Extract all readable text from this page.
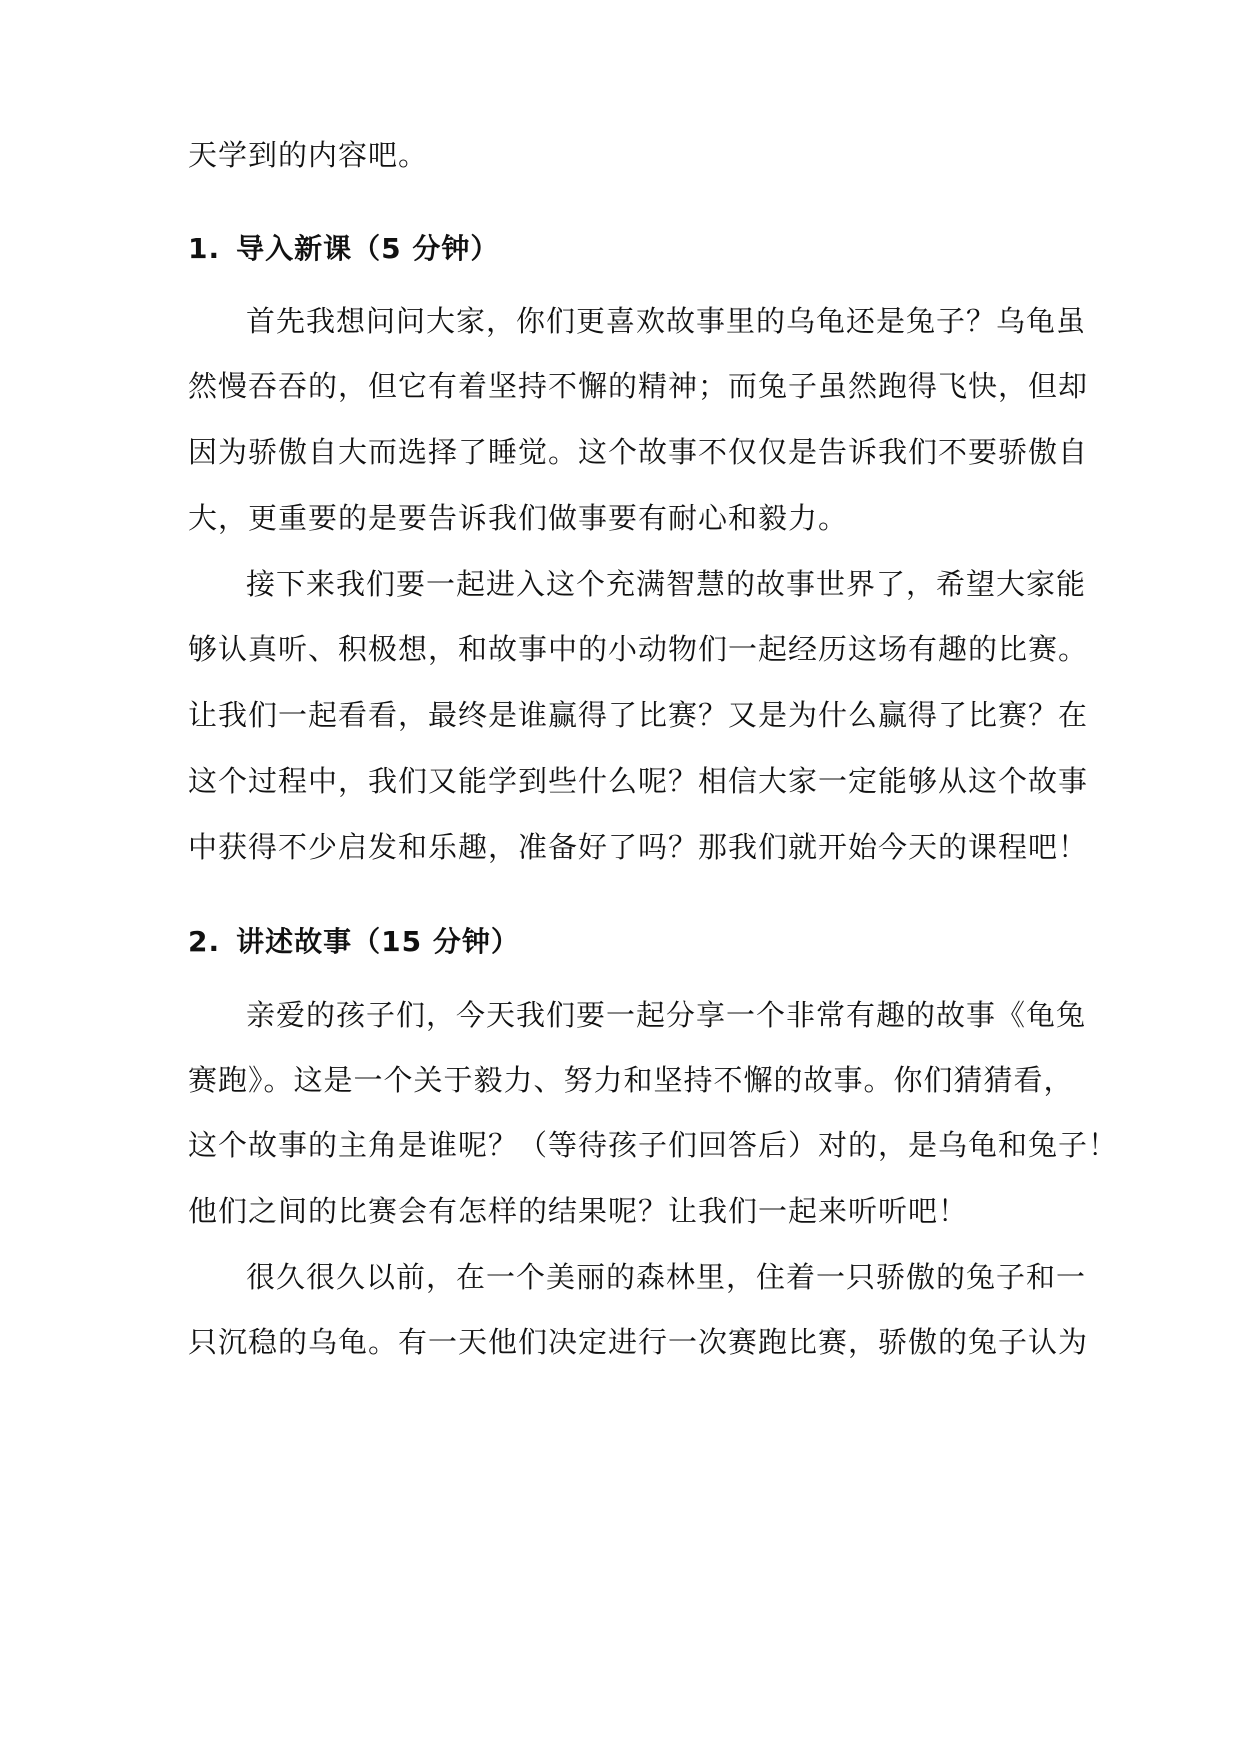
天学到的内容吧。
1. 导入新课（5 分钟）
首先我想问问大家，你们更喜欢故事里的乌龟还是兔子？乌龟虽
然慢吞吞的，但它有着坚持不懈的精神；而兔子虽然跑得飞快，但却
因为骄傲自大而选择了睡觉。这个故事不仅仅是告诉我们不要骄傲自
大，更重要的是要告诉我们做事要有耐心和毅力。
接下来我们要一起进入这个充满智慧的故事世界了，希望大家能
够认真听、积极想，和故事中的小动物们一起经历这场有趣的比赛。
让我们一起看看，最终是谁赢得了比赛？又是为什么赢得了比赛？在
这个过程中，我们又能学到些什么呢？相信大家一定能够从这个故事
中获得不少启发和乐趣，准备好了吗？那我们就开始今天的课程吧！
2. 讲述故事（15 分钟）
亲爱的孩子们，今天我们要一起分享一个非常有趣的故事《龟兔
赛跑》。这是一个关于毅力、努力和坚持不懈的故事。你们猜猜看，
这个故事的主角是谁呢？（等待孩子们回答后）对的，是乌龟和兔子！
他们之间的比赛会有怎样的结果呢？让我们一起来听听吧！
很久很久以前，在一个美丽的森林里，住着一只骄傲的兔子和一
只沉稳的乌龟。有一天他们决定进行一次赛跑比赛，骄傲的兔子认为
